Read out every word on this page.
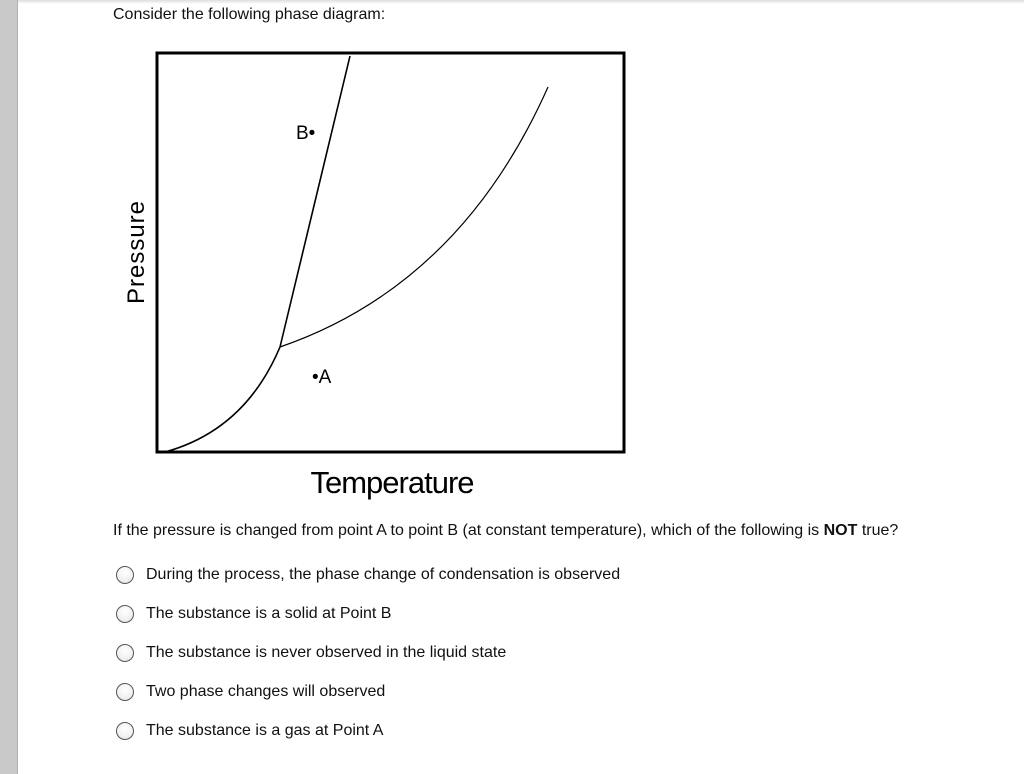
Consider the following phase diagram:
B•
•A
Pressure
Temperature
If the pressure is changed from point A to point B (at constant temperature), which of the following is NOT true?
During the process, the phase change of condensation is observed
The substance is a solid at Point B
The substance is never observed in the liquid state
Two phase changes will observed
The substance is a gas at Point A
